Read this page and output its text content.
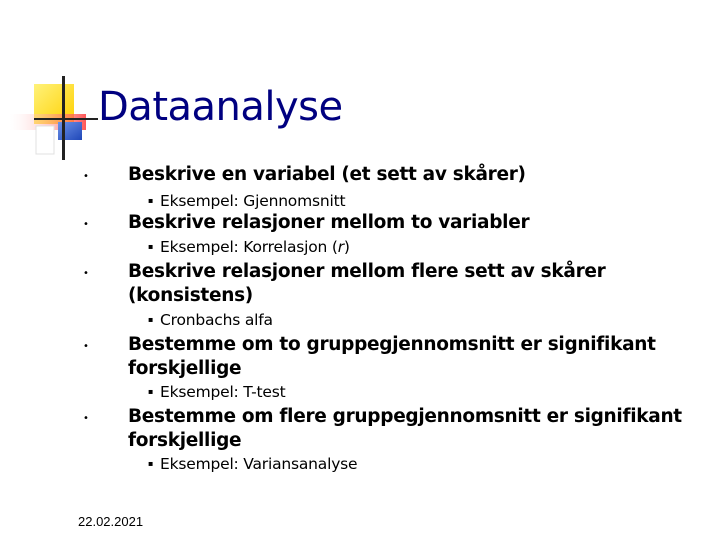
Dataanalyse
• Beskrive en variabel (et sett av skårer)
▪ Eksempel: Gjennomsnitt
• Beskrive relasjoner mellom to variabler
▪ Eksempel: Korrelasjon (r)
• Beskrive relasjoner mellom flere sett av skårer
(konsistens)
▪ Cronbachs alfa
• Bestemme om to gruppegjennomsnitt er signifikant
forskjellige
▪ Eksempel: T-test
• Bestemme om flere gruppegjennomsnitt er signifikant
forskjellige
▪ Eksempel: Variansanalyse
22.02.2021
